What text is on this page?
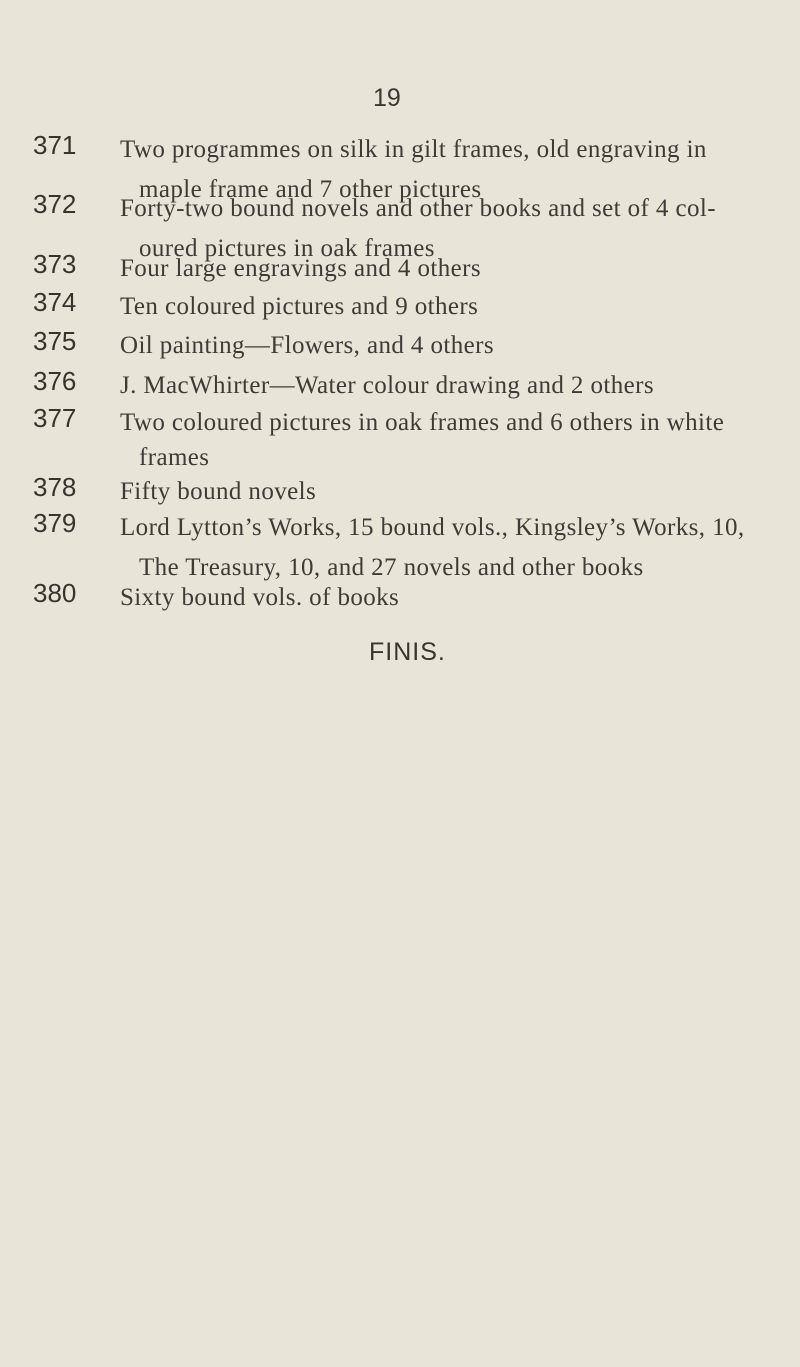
19
371 Two programmes on silk in gilt frames, old engraving in
maple frame and 7 other pictures
372 Forty-two bound novels and other books and set of 4 col-
oured pictures in oak frames
373 Four large engravings and 4 others
374 Ten coloured pictures and 9 others
375 Oil painting—Flowers, and 4 others
376 J. MacWhirter—Water colour drawing and 2 others
377 Two coloured pictures in oak frames and 6 others in white
frames
378 Fifty bound novels
379 Lord Lytton’s Works, 15 bound vols., Kingsley’s Works, 10,
The Treasury, 10, and 27 novels and other books
380 Sixty bound vols. of books
FINIS.
